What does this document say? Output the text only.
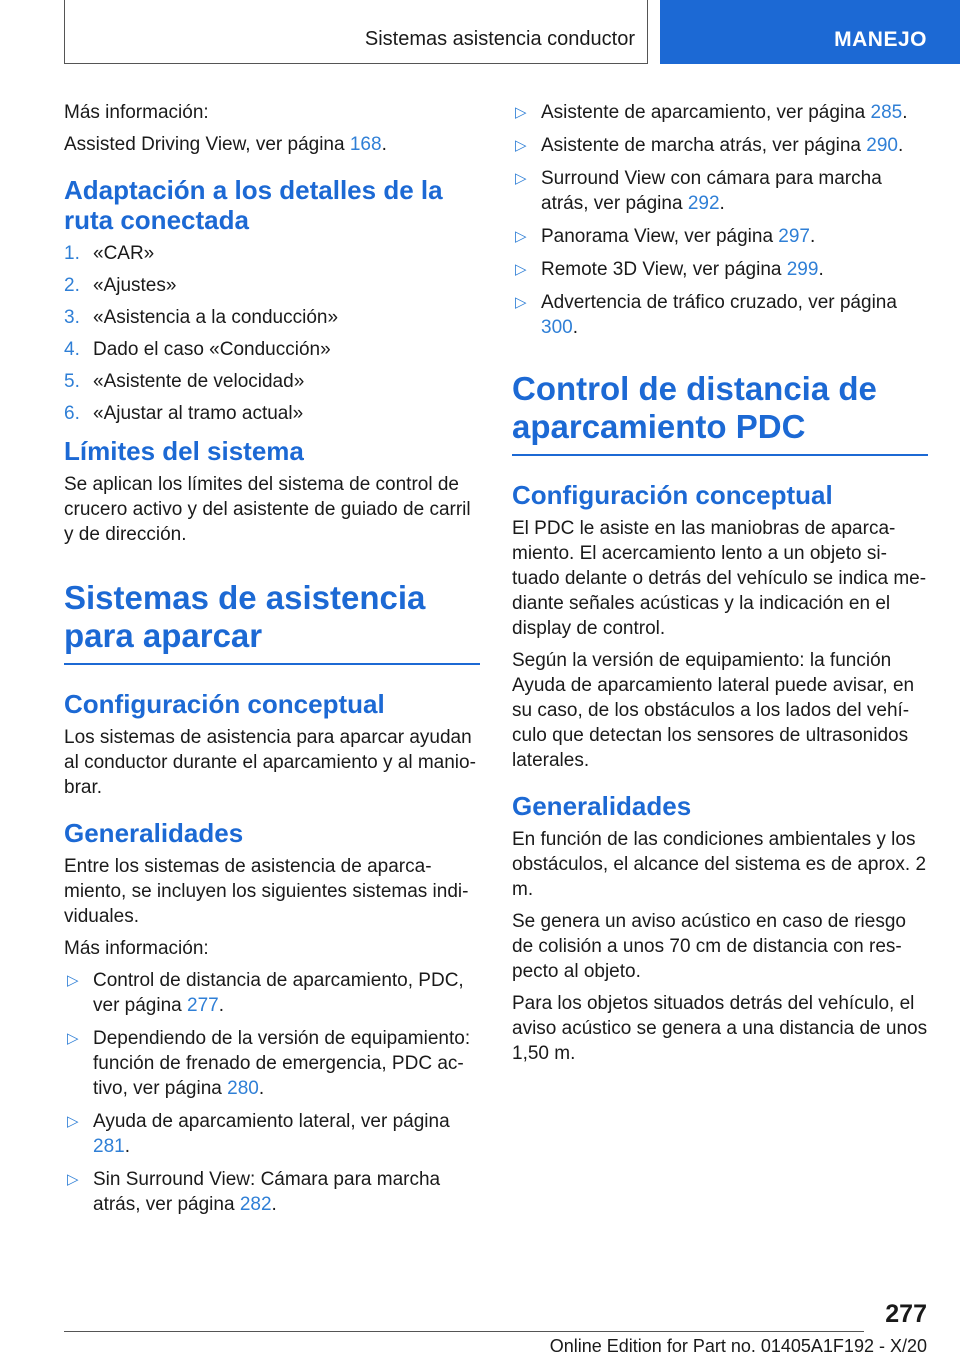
Sistemas asistencia conductor	MANEJO

Más información:

Assisted Driving View, ver página 168.

Adaptación a los detalles de la ruta conectada
1. «CAR»
2. «Ajustes»
3. «Asistencia a la conducción»
4. Dado el caso «Conducción»
5. «Asistente de velocidad»
6. «Ajustar al tramo actual»
Límites del sistema

Se aplican los límites del sistema de control de crucero activo y del asistente de guiado de carril y de dirección.

Sistemas de asistencia para aparcar
Configuración conceptual

Los sistemas de asistencia para aparcar ayudan al conductor durante el aparcamiento y al maniobrar.

Generalidades

Entre los sistemas de asistencia de aparcamiento, se incluyen los siguientes sistemas individuales.

Más información:

▷ Control de distancia de aparcamiento, PDC, ver página 277.
▷ Dependiendo de la versión de equipamiento: función de frenado de emergencia, PDC activo, ver página 280.
▷ Ayuda de aparcamiento lateral, ver página 281.
▷ Sin Surround View: Cámara para marcha atrás, ver página 282.
▷ Asistente de aparcamiento, ver página 285.
▷ Asistente de marcha atrás, ver página 290.
▷ Surround View con cámara para marcha atrás, ver página 292.
▷ Panorama View, ver página 297.
▷ Remote 3D View, ver página 299.
▷ Advertencia de tráfico cruzado, ver página 300.
Control de distancia de aparcamiento PDC
Configuración conceptual

El PDC le asiste en las maniobras de aparcamiento. El acercamiento lento a un objeto situado delante o detrás del vehículo se indica mediante señales acústicas y la indicación en el display de control.

Según la versión de equipamiento: la función Ayuda de aparcamiento lateral puede avisar, en su caso, de los obstáculos a los lados del vehículo que detectan los sensores de ultrasonidos laterales.

Generalidades

En función de las condiciones ambientales y los obstáculos, el alcance del sistema es de aprox. 2 m.

Se genera un aviso acústico en caso de riesgo de colisión a unos 70 cm de distancia con respecto al objeto.

Para los objetos situados detrás del vehículo, el aviso acústico se genera a una distancia de unos 1,50 m.

277
Online Edition for Part no. 01405A1F192 - X/20
